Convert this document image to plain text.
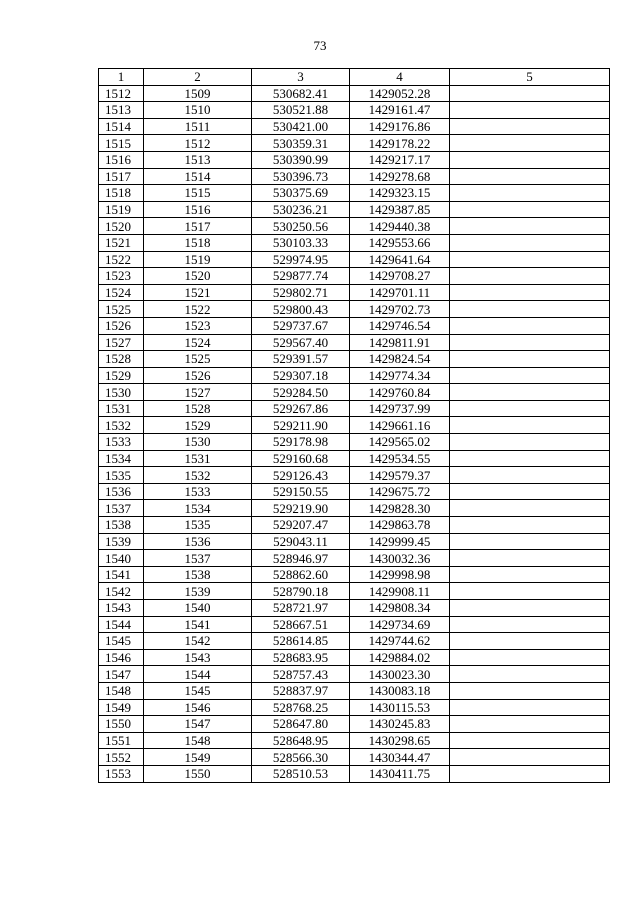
73
1	2	3	4	5
1512	1509	530682.41	1429052.28	
1513	1510	530521.88	1429161.47	
1514	1511	530421.00	1429176.86	
1515	1512	530359.31	1429178.22	
1516	1513	530390.99	1429217.17	
1517	1514	530396.73	1429278.68	
1518	1515	530375.69	1429323.15	
1519	1516	530236.21	1429387.85	
1520	1517	530250.56	1429440.38	
1521	1518	530103.33	1429553.66	
1522	1519	529974.95	1429641.64	
1523	1520	529877.74	1429708.27	
1524	1521	529802.71	1429701.11	
1525	1522	529800.43	1429702.73	
1526	1523	529737.67	1429746.54	
1527	1524	529567.40	1429811.91	
1528	1525	529391.57	1429824.54	
1529	1526	529307.18	1429774.34	
1530	1527	529284.50	1429760.84	
1531	1528	529267.86	1429737.99	
1532	1529	529211.90	1429661.16	
1533	1530	529178.98	1429565.02	
1534	1531	529160.68	1429534.55	
1535	1532	529126.43	1429579.37	
1536	1533	529150.55	1429675.72	
1537	1534	529219.90	1429828.30	
1538	1535	529207.47	1429863.78	
1539	1536	529043.11	1429999.45	
1540	1537	528946.97	1430032.36	
1541	1538	528862.60	1429998.98	
1542	1539	528790.18	1429908.11	
1543	1540	528721.97	1429808.34	
1544	1541	528667.51	1429734.69	
1545	1542	528614.85	1429744.62	
1546	1543	528683.95	1429884.02	
1547	1544	528757.43	1430023.30	
1548	1545	528837.97	1430083.18	
1549	1546	528768.25	1430115.53	
1550	1547	528647.80	1430245.83	
1551	1548	528648.95	1430298.65	
1552	1549	528566.30	1430344.47	
1553	1550	528510.53	1430411.75	
